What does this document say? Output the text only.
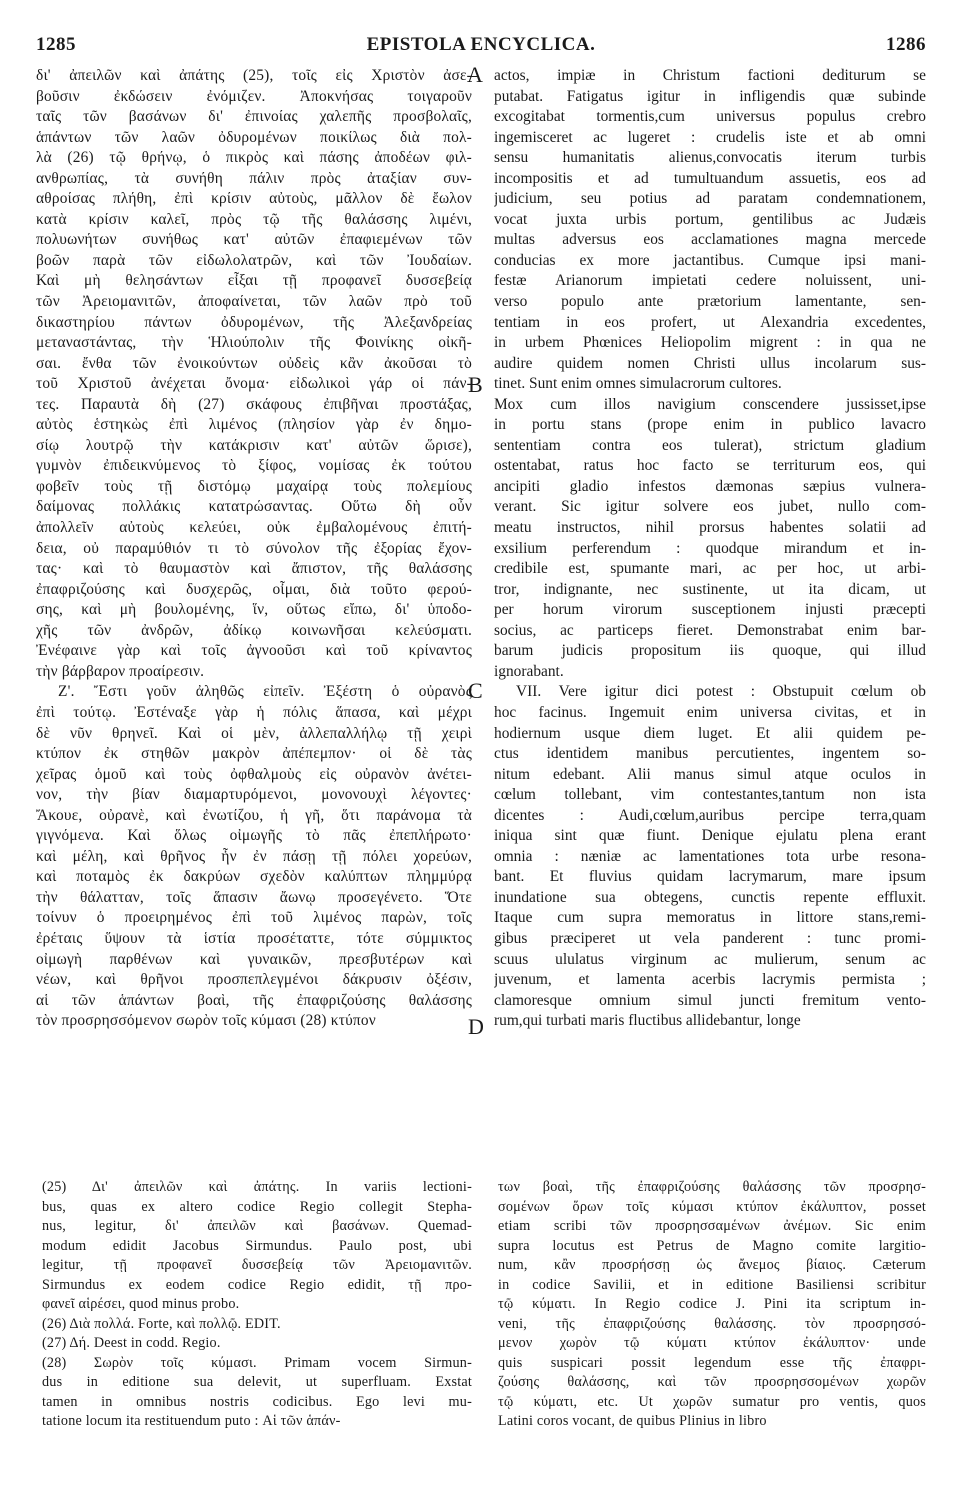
1285	EPISTOLA ENCYCLICA.	1286
δι' ἀπειλῶν καὶ ἀπάτης (25), τοῖς εἰς Χριστὸν ἀσε-
βοῦσιν ἐκδώσειν ἐνόμιζεν. Ἀποκνήσας τοιγαροῦν
ταῖς τῶν βασάνων δι' ἐπινοίας χαλεπῆς προσβολαῖς,
ἁπάντων τῶν λαῶν ὀδυρομένων ποικίλως διὰ πολ-
λὰ (26) τῷ θρήνῳ, ὁ πικρὸς καὶ πάσης ἀποδέων φιλ-
ανθρωπίας, τὰ συνήθη πάλιν πρὸς ἀταξίαν συν-
αθροίσας πλήθη, ἐπὶ κρίσιν αὐτοὺς, μᾶλλον δὲ ἔωλον
κατὰ κρίσιν καλεῖ, πρὸς τῷ τῆς θαλάσσης λιμένι,
πολυωνήτων συνήθως κατ' αὐτῶν ἐπαφιεμένων τῶν
βοῶν παρὰ τῶν εἰδωλολατρῶν, καὶ τῶν Ἰουδαίων.
Καὶ μὴ θελησάντων εἶξαι τῇ προφανεῖ δυσσεβείᾳ
τῶν Ἀρειομανιτῶν, ἀποφαίνεται, τῶν λαῶν πρὸ τοῦ
δικαστηρίου πάντων ὀδυρομένων, τῆς Ἀλεξανδρείας
μεταναστάντας, τὴν Ἡλιούπολιν τῆς Φοινίκης οἰκῆ-
σαι. ἔνθα τῶν ἐνοικούντων οὐδεὶς κἂν ἀκοῦσαι τὸ
τοῦ Χριστοῦ ἀνέχεται ὄνομα· εἰδωλικοὶ γάρ οἱ πάν-
τες. Παραυτὰ δὴ (27) σκάφους ἐπιβῆναι προστάξας,
αὐτὸς ἑστηκὼς ἐπὶ λιμένος (πλησίον γὰρ ἐν δημο-
σίῳ λουτρῷ τὴν κατάκρισιν κατ' αὐτῶν ὥρισε),
γυμνὸν ἐπιδεικνύμενος τὸ ξίφος, νομίσας ἐκ τούτου
φοβεῖν τοὺς τῇ διστόμῳ μαχαίρᾳ τοὺς πολεμίους
δαίμονας πολλάκις κατατρώσαντας. Οὕτω δὴ οὖν
ἀπολλεῖν αὐτοὺς κελεύει, οὐκ ἐμβαλομένους ἐπιτή-
δεια, οὐ παραμύθιόν τι τὸ σύνολον τῆς ἐξορίας ἔχον-
τας· καὶ τὸ θαυμαστὸν καὶ ἄπιστον, τῆς θαλάσσης
ἐπαφριζούσης καὶ δυσχερῶς, οἶμαι, διὰ τοῦτο φερού-
σης, καὶ μὴ βουλομένης, ἵν, οὕτως εἴπω, δι' ὑποδο-
χῆς τῶν ἀνδρῶν, ἀδίκῳ κοινωνῆσαι κελεύσματι.
Ἐνέφαινε γὰρ καὶ τοῖς ἀγνοοῦσι καὶ τοῦ κρίναντος
τὴν βάρβαρον προαίρεσιν.
Ζ'. Ἔστι γοῦν ἀληθῶς εἰπεῖν. Ἐξέστη ὁ οὐρανὸς
ἐπὶ τούτῳ. Ἐστέναξε γὰρ ἡ πόλις ἅπασα, καὶ μέχρι
δὲ νῦν θρηνεῖ. Καὶ οἱ μὲν, ἀλλεπαλλήλῳ τῇ χειρὶ
κτύπον ἐκ στηθῶν μακρὸν ἀπέπεμπον· οἱ δὲ τὰς
χεῖρας ὁμοῦ καὶ τοὺς ὀφθαλμοὺς εἰς οὐρανὸν ἀνέτει-
νον, τὴν βίαν διαμαρτυρόμενοι, μονονουχὶ λέγοντες·
Ἄκουε, οὐρανὲ, καὶ ἐνωτίζου, ἡ γῆ, ὅτι παράνομα τὰ
γιγνόμενα. Καὶ ὅλως οἰμωγῆς τὸ πᾶς ἐπεπλήρωτο·
καὶ μέλη, καὶ θρῆνος ἦν ἐν πάσῃ τῇ πόλει χορεύων,
καὶ ποταμὸς ἐκ δακρύων σχεδὸν καλύπτων πλημμύρᾳ
τὴν θάλατταν, τοῖς ἅπασιν ἄωνῳ προσεγένετο. Ὅτε
τοίνυν ὁ προειρημένος ἐπὶ τοῦ λιμένος παρὼν, τοῖς
ἐρέταις ὕψουν τὰ ἱστία προσέταττε, τότε σύμμικτος
οἰμωγὴ παρθένων καὶ γυναικῶν, πρεσβυτέρων καὶ
νέων, καὶ θρῆνοι προσπεπλεγμένοι δάκρυσιν ὀξέσιν,
αἱ τῶν ἁπάντων βοαὶ, τῆς ἐπαφριζούσης θαλάσσης
τὸν προσρησσόμενον σωρὸν τοῖς κύμασι (28) κτύπον
actos, impiæ in Christum factioni dediturum se
putabat. Fatigatus igitur in infligendis quæ subinde
excogitabat tormentis,cum universus populus crebro
ingemisceret ac lugeret : crudelis iste et ab omni
sensu humanitatis alienus,convocatis iterum turbis
incompositis et ad tumultuandum assuetis, eos ad
judicium, seu potius ad paratam condemnationem,
vocat juxta urbis portum, gentilibus ac Judæis
multas adversus eos acclamationes magna mercede
conducias ex more jactantibus. Cumque ipsi mani-
festæ Arianorum impietati cedere noluissent, uni-
verso populo ante prætorium lamentante, sen-
tentiam in eos profert, ut Alexandria excedentes,
in urbem Phœnices Heliopolim migrent : in qua ne
audire quidem nomen Christi ullus incolarum sus-
tinet. Sunt enim omnes simulacrorum cultores.
Mox cum illos navigium conscendere jussisset,ipse
in portu stans (prope enim in publico lavacro
sententiam contra eos tulerat), strictum gladium
ostentabat, ratus hoc facto se territurum eos, qui
ancipiti gladio infestos dæmonas sæpius vulnera-
verant. Sic igitur solvere eos jubet, nullo com-
meatu instructos, nihil prorsus habentes solatii ad
exsilium perferendum : quodque mirandum et in-
credibile est, spumante mari, ac per hoc, ut arbi-
tror, indignante, nec sustinente, ut ita dicam, ut
per horum virorum susceptionem injusti præcepti
socius, ac particeps fieret. Demonstrabat enim bar-
barum judicis propositum iis quoque, qui illud
ignorabant.
VII. Vere igitur dici potest : Obstupuit cœlum ob
hoc facinus. Ingemuit enim universa civitas, et in
hodiernum usque diem luget. Et alii quidem pe-
ctus identidem manibus percutientes, ingentem so-
nitum edebant. Alii manus simul atque oculos in
cœlum tollebant, vim contestantes,tantum non ista
dicentes : Audi,cœlum,auribus percipe terra,quam
iniqua sint quæ fiunt. Denique ejulatu plena erant
omnia : næniæ ac lamentationes tota urbe resona-
bant. Et fluvius quidam lacrymarum, mare ipsum
inundatione sua obtegens, cunctis repente effluxit.
Itaque cum supra memoratus in littore stans,remi-
gibus præciperet ut vela panderent : tunc promi-
scuus ululatus virginum ac mulierum, senum ac
juvenum, et lamenta acerbis lacrymis permista ;
clamoresque omnium simul juncti fremitum vento-
rum,qui turbati maris fluctibus allidebantur, longe
A
B
C
D
(25) Δι' ἀπειλῶν καὶ ἀπάτης. In variis lectioni-
bus, quas ex altero codice Regio collegit Stepha-
nus, legitur, δι' ἀπειλῶν καὶ βασάνων. Quemad-
modum edidit Jacobus Sirmundus. Paulo post, ubi
legitur, τῇ προφανεῖ δυσσεβείᾳ τῶν Ἀρειομανιτῶν.
Sirmundus ex eodem codice Regio edidit, τῇ προ-
φανεῖ αἱρέσει, quod minus probo.
(26) Διὰ πολλά. Forte, καὶ πολλῷ. EDIT.
(27) Δή. Deest in codd. Regio.
(28) Σωρὸν τοῖς κύμασι. Primam vocem Sirmun-
dus in editione sua delevit, ut superfluam. Exstat
tamen in omnibus nostris codicibus. Ego levi mu-
tatione locum ita restituendum puto : Αἱ τῶν ἁπάν-
των βοαὶ, τῆς ἐπαφριζούσης θαλάσσης τῶν προσρησ-
σομένων ὅρων τοῖς κύμασι κτύπον ἐκάλυπτον, posset
etiam scribi τῶν προσρησσαμένων ἀνέμων. Sic enim
supra locutus est Petrus de Magno comite largitio-
num, κἂν προσρήσσῃ ὡς ἄνεμος βίαιος. Cæterum
in codice Savilii, et in editione Basiliensi scribitur
τῷ κύματι. In Regio codice J. Pini ita scriptum in-
veni, τῆς ἐπαφριζούσης θαλάσσης. τὸν προσρησσό-
μενον χωρὸν τῷ κύματι κτύπον ἐκάλυπτον· unde
quis suspicari possit legendum esse τῆς ἐπαφρι-
ζούσης θαλάσσης, καὶ τῶν προσρησσομένων χωρῶν
τῷ κύματι, etc. Ut χωρῶν sumatur pro ventis, quos
Latini coros vocant, de quibus Plinius in libro
